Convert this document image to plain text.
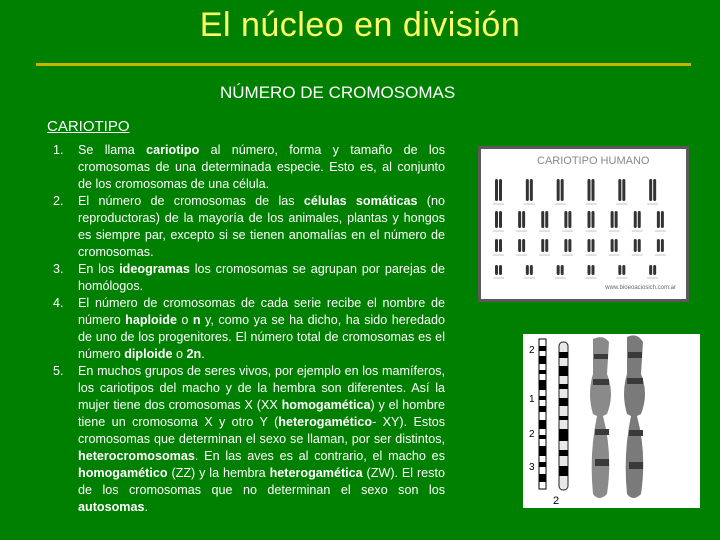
El núcleo en división
NÚMERO DE CROMOSOMAS
CARIOTIPO
1. Se llama cariotipo al número, forma y tamaño de los cromosomas de una determinada especie. Esto es, al conjunto de los cromosomas de una célula.
2. El número de cromosomas de las células somáticas (no reproductoras) de la mayoría de los animales, plantas y hongos es siempre par, excepto si se tienen anomalías en el número de cromosomas.
3. En los ideogramas los cromosomas se agrupan por parejas de homólogos.
4. El número de cromosomas de cada serie recibe el nombre de número haploide o n y, como ya se ha dicho, ha sido heredado de uno de los progenitores. El número total de cromosomas es el número diploide o 2n.
5. En muchos grupos de seres vivos, por ejemplo en los mamíferos, los cariotipos del macho y de la hembra son diferentes. Así la mujer tiene dos cromosomas X (XX homogamética) y el hombre tiene un cromosoma X y otro Y (heterogamético- XY). Estos cromosomas que determinan el sexo se llaman, por ser distintos, heterocromosomas. En las aves es al contrario, el macho es homogamético (ZZ) y la hembra heterogamética (ZW). El resto de los cromosomas que no determinan el sexo son los autosomas.
CARIOTIPO HUMANO
www.bioeoaciosich.com.ar
2
1
2
3
2
